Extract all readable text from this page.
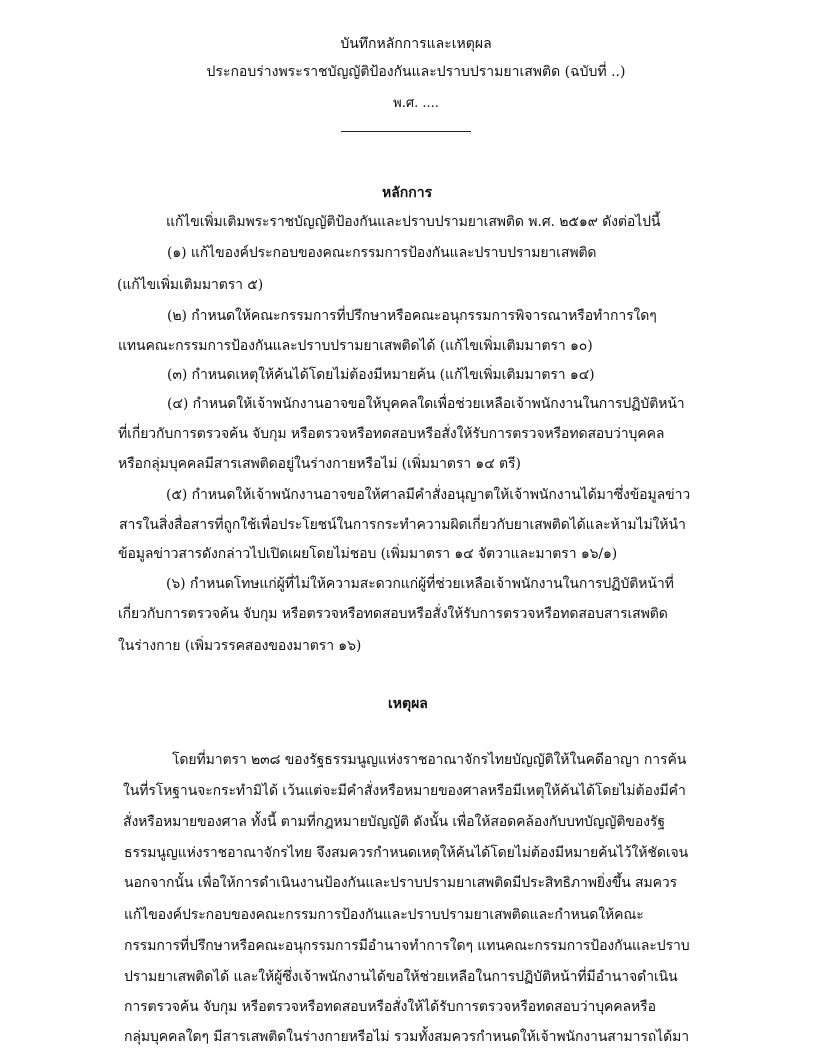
บันทึกหลักการและเหตุผล
ประกอบร่างพระราชบัญญัติป้องกันและปราบปรามยาเสพติด (ฉบับที่ ..)
พ.ศ. ....
หลักการ
แก้ไขเพิ่มเติมพระราชบัญญัติป้องกันและปราบปรามยาเสพติด พ.ศ. ๒๕๑๙ ดังต่อไปนี้
(๑) แก้ไของค์ประกอบของคณะกรรมการป้องกันและปราบปรามยาเสพติด
(แก้ไขเพิ่มเติมมาตรา ๕)
(๒) กำหนดให้คณะกรรมการที่ปรึกษาหรือคณะอนุกรรมการพิจารณาหรือทำการใดๆ
แทนคณะกรรมการป้องกันและปราบปรามยาเสพติดได้ (แก้ไขเพิ่มเติมมาตรา ๑๐)
(๓) กำหนดเหตุให้ค้นได้โดยไม่ต้องมีหมายค้น (แก้ไขเพิ่มเติมมาตรา ๑๔)
(๔) กำหนดให้เจ้าพนักงานอาจขอให้บุคคลใดเพื่อช่วยเหลือเจ้าพนักงานในการปฏิบัติหน้า
ที่เกี่ยวกับการตรวจค้น จับกุม หรือตรวจหรือทดสอบหรือสั่งให้รับการตรวจหรือทดสอบว่าบุคคล
หรือกลุ่มบุคคลมีสารเสพติดอยู่ในร่างกายหรือไม่ (เพิ่มมาตรา ๑๔ ตรี)
(๕) กำหนดให้เจ้าพนักงานอาจขอให้ศาลมีคำสั่งอนุญาตให้เจ้าพนักงานได้มาซึ่งข้อมูลข่าว
สารในสิ่งสื่อสารที่ถูกใช้เพื่อประโยชน์ในการกระทำความผิดเกี่ยวกับยาเสพติดได้และห้ามไม่ให้นำ
ข้อมูลข่าวสารดังกล่าวไปเปิดเผยโดยไม่ชอบ (เพิ่มมาตรา ๑๔ จัตวาและมาตรา ๑๖/๑)
(๖) กำหนดโทษแก่ผู้ที่ไม่ให้ความสะดวกแก่ผู้ที่ช่วยเหลือเจ้าพนักงานในการปฏิบัติหน้าที่
เกี่ยวกับการตรวจค้น จับกุม หรือตรวจหรือทดสอบหรือสั่งให้รับการตรวจหรือทดสอบสารเสพติด
ในร่างกาย (เพิ่มวรรคสองของมาตรา ๑๖)
เหตุผล
โดยที่มาตรา ๒๓๘ ของรัฐธรรมนูญแห่งราชอาณาจักรไทยบัญญัติให้ในคดีอาญา การค้น
ในที่รโหฐานจะกระทำมิได้ เว้นแต่จะมีคำสั่งหรือหมายของศาลหรือมีเหตุให้ค้นได้โดยไม่ต้องมีคำ
สั่งหรือหมายของศาล ทั้งนี้ ตามที่กฎหมายบัญญัติ ดังนั้น เพื่อให้สอดคล้องกับบทบัญญัติของรัฐ
ธรรมนูญแห่งราชอาณาจักรไทย จึงสมควรกำหนดเหตุให้ค้นได้โดยไม่ต้องมีหมายค้นไว้ให้ชัดเจน
นอกจากนั้น เพื่อให้การดำเนินงานป้องกันและปราบปรามยาเสพติดมีประสิทธิภาพยิ่งขึ้น สมควร
แก้ไของค์ประกอบของคณะกรรมการป้องกันและปราบปรามยาเสพติดและกำหนดให้คณะ
กรรมการที่ปรึกษาหรือคณะอนุกรรมการมีอำนาจทำการใดๆ แทนคณะกรรมการป้องกันและปราบ
ปรามยาเสพติดได้ และให้ผู้ซึ่งเจ้าพนักงานได้ขอให้ช่วยเหลือในการปฏิบัติหน้าที่มีอำนาจดำเนิน
การตรวจค้น จับกุม หรือตรวจหรือทดสอบหรือสั่งให้ได้รับการตรวจหรือทดสอบว่าบุคคลหรือ
กลุ่มบุคคลใดๆ มีสารเสพติดในร่างกายหรือไม่ รวมทั้งสมควรกำหนดให้เจ้าพนักงานสามารถได้มา
